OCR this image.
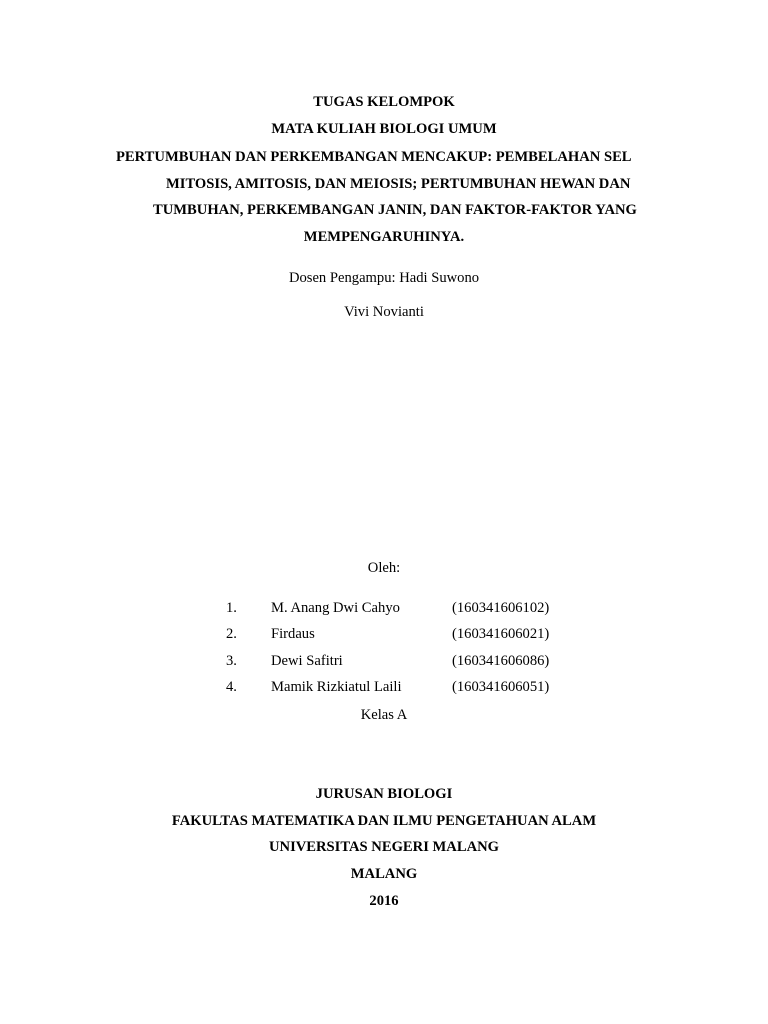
TUGAS KELOMPOK
MATA KULIAH BIOLOGI UMUM
PERTUMBUHAN DAN PERKEMBANGAN MENCAKUP: PEMBELAHAN SEL
MITOSIS, AMITOSIS, DAN MEIOSIS; PERTUMBUHAN HEWAN DAN
TUMBUHAN, PERKEMBANGAN JANIN, DAN FAKTOR-FAKTOR YANG
MEMPENGARUHINYA.
Dosen Pengampu: Hadi Suwono
Vivi Novianti
Oleh:
1. M. Anang Dwi Cahyo	(160341606102)
2. Firdaus	(160341606021)
3. Dewi Safitri	(160341606086)
4. Mamik Rizkiatul Laili	(160341606051)
Kelas A
JURUSAN BIOLOGI
FAKULTAS MATEMATIKA DAN ILMU PENGETAHUAN ALAM
UNIVERSITAS NEGERI MALANG
MALANG
2016
